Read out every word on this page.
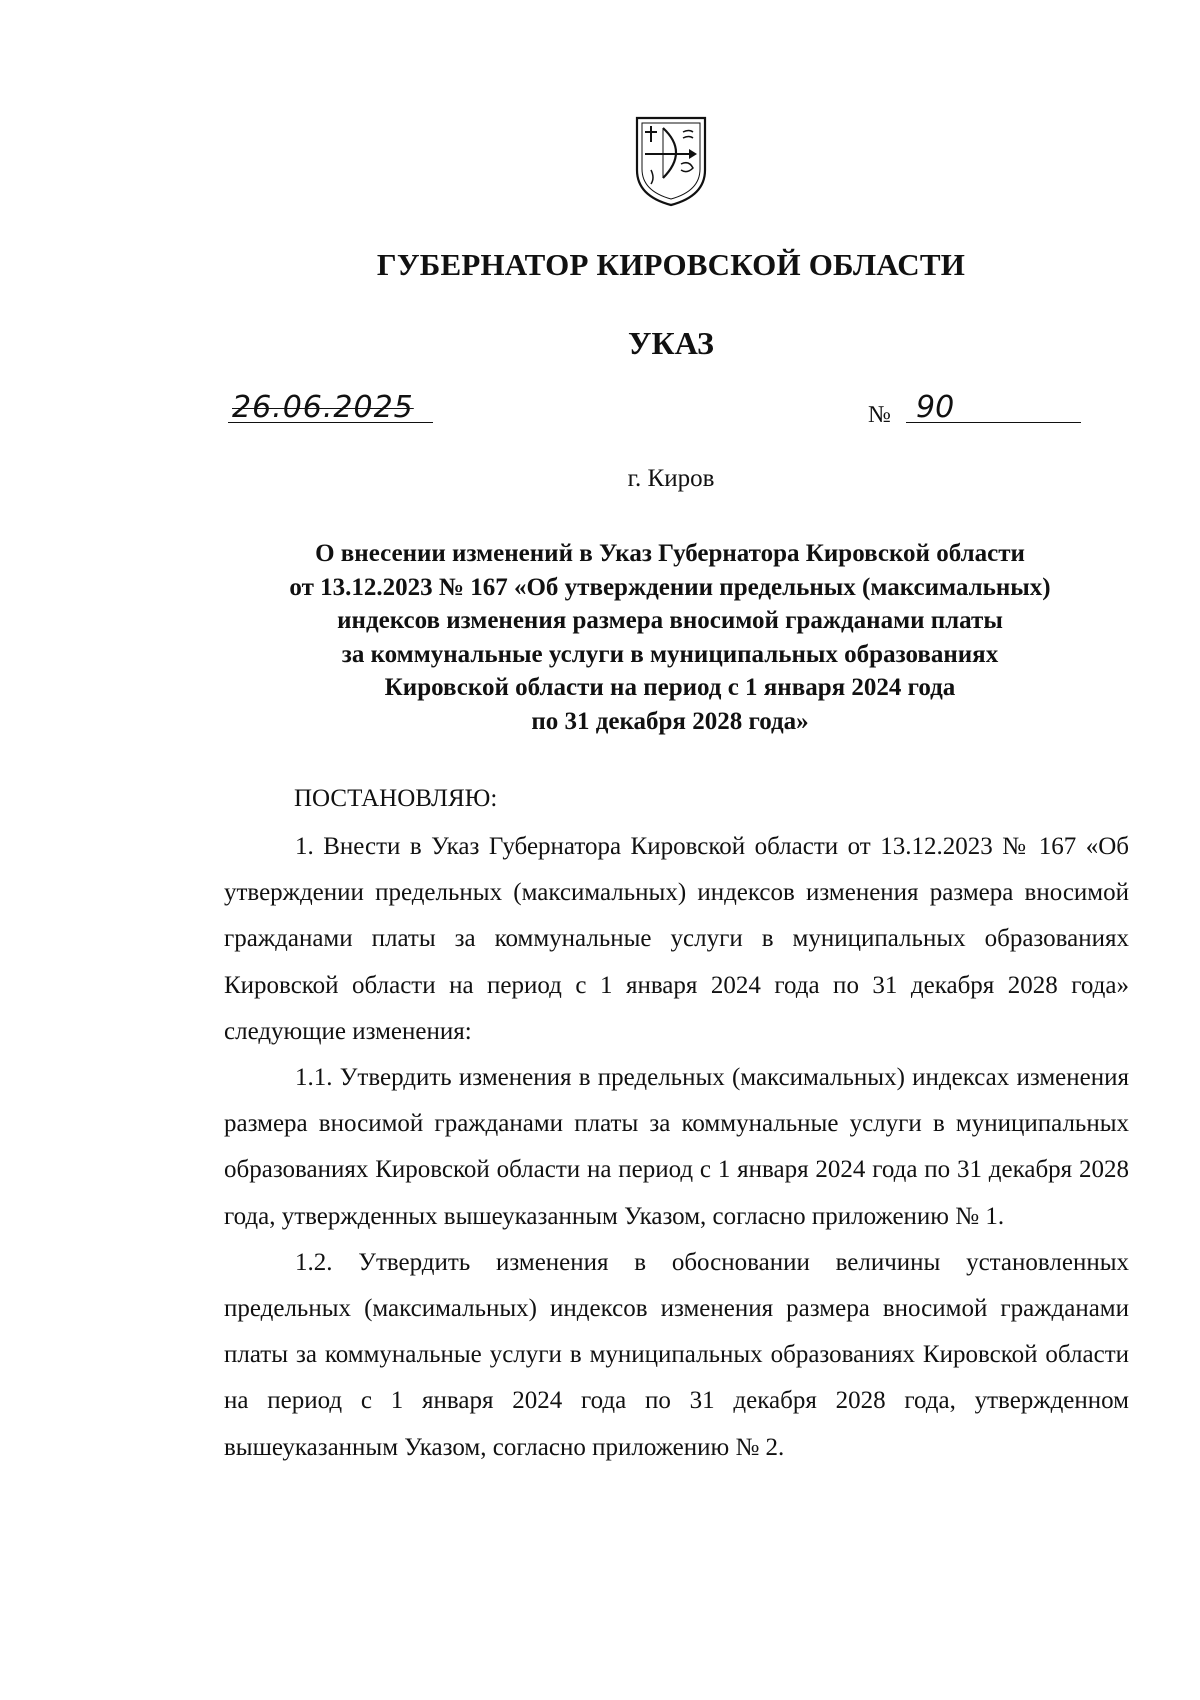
ГУБЕРНАТОР КИРОВСКОЙ ОБЛАСТИ
УКАЗ
26.06.2025	№ 90
г. Киров
О внесении изменений в Указ Губернатора Кировской области
от 13.12.2023 № 167 «Об утверждении предельных (максимальных)
индексов изменения размера вносимой гражданами платы
за коммунальные услуги в муниципальных образованиях
Кировской области на период с 1 января 2024 года
по 31 декабря 2028 года»
ПОСТАНОВЛЯЮ:

1. Внести в Указ Губернатора Кировской области от 13.12.2023 № 167 «Об утверждении предельных (максимальных) индексов изменения размера вносимой гражданами платы за коммунальные услуги в муниципальных образованиях Кировской области на период с 1 января 2024 года по 31 декабря 2028 года» следующие изменения:

1.1. Утвердить изменения в предельных (максимальных) индексах изменения размера вносимой гражданами платы за коммунальные услуги в муниципальных образованиях Кировской области на период с 1 января 2024 года по 31 декабря 2028 года, утвержденных вышеуказанным Указом, согласно приложению № 1.

1.2. Утвердить изменения в обосновании величины установленных предельных (максимальных) индексов изменения размера вносимой гражданами платы за коммунальные услуги в муниципальных образованиях Кировской области на период с 1 января 2024 года по 31 декабря 2028 года, утвержденном вышеуказанным Указом, согласно приложению № 2.
